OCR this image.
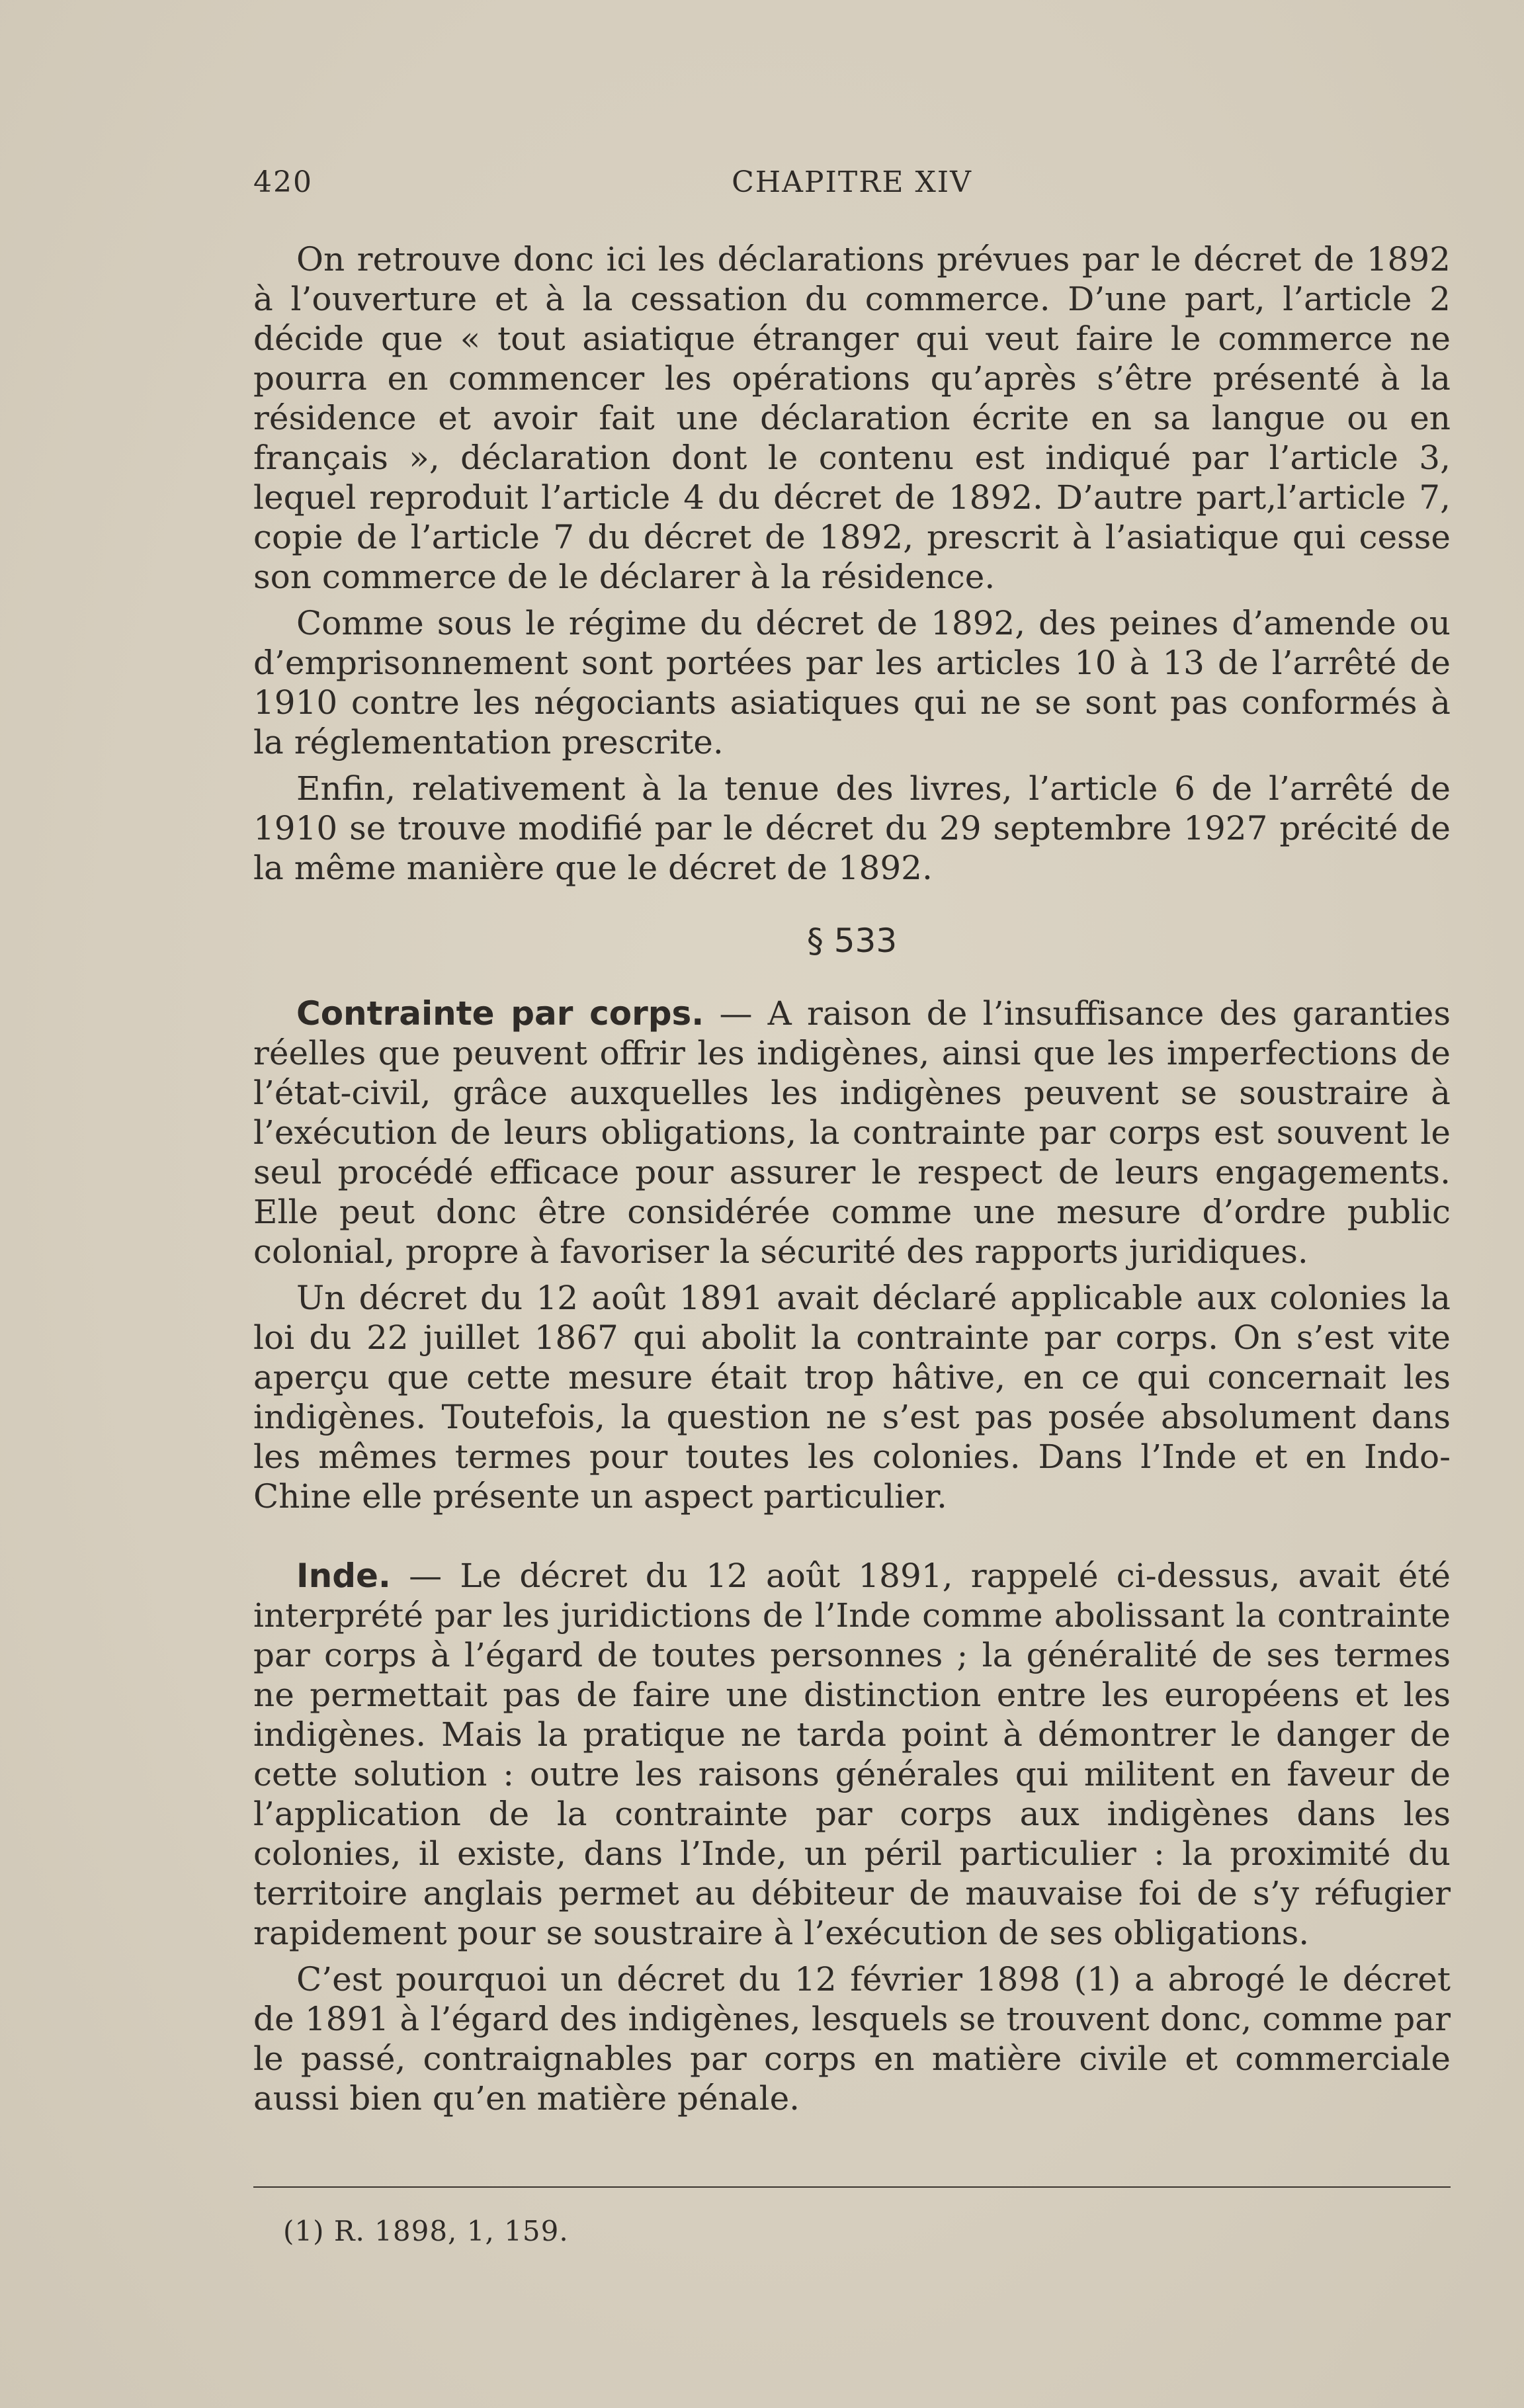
420	CHAPITRE XIV

On retrouve donc ici les déclarations prévues par le décret de 1892 à l’ouverture et à la cessation du commerce. D’une part, l’article 2 décide que « tout asiatique étranger qui veut faire le commerce ne pourra en commencer les opérations qu’après s’être présenté à la résidence et avoir fait une déclaration écrite en sa langue ou en français », déclaration dont le contenu est indiqué par l’article 3, lequel reproduit l’article 4 du décret de 1892. D’autre part,l’article 7, copie de l’article 7 du décret de 1892, prescrit à l’asiatique qui cesse son commerce de le déclarer à la résidence.

Comme sous le régime du décret de 1892, des peines d’amende ou d’emprisonnement sont portées par les articles 10 à 13 de l’arrêté de 1910 contre les négociants asiatiques qui ne se sont pas conformés à la réglementation prescrite.

Enfin, relativement à la tenue des livres, l’article 6 de l’arrêté de 1910 se trouve modifié par le décret du 29 septembre 1927 précité de la même manière que le décret de 1892.

§ 533

Contrainte par corps. — A raison de l’insuffisance des garanties réelles que peuvent offrir les indigènes, ainsi que les imperfections de l’état-civil, grâce auxquelles les indigènes peuvent se soustraire à l’exécution de leurs obligations, la contrainte par corps est souvent le seul procédé efficace pour assurer le respect de leurs engagements. Elle peut donc être considérée comme une mesure d’ordre public colonial, propre à favoriser la sécurité des rapports juridiques.

Un décret du 12 août 1891 avait déclaré applicable aux colonies la loi du 22 juillet 1867 qui abolit la contrainte par corps. On s’est vite aperçu que cette mesure était trop hâtive, en ce qui concernait les indigènes. Toutefois, la question ne s’est pas posée absolument dans les mêmes termes pour toutes les colonies. Dans l’Inde et en Indo-Chine elle présente un aspect particulier.

Inde. — Le décret du 12 août 1891, rappelé ci-dessus, avait été interprété par les juridictions de l’Inde comme abolissant la contrainte par corps à l’égard de toutes personnes ; la généralité de ses termes ne permettait pas de faire une distinction entre les européens et les indigènes. Mais la pratique ne tarda point à démontrer le danger de cette solution : outre les raisons générales qui militent en faveur de l’application de la contrainte par corps aux indigènes dans les colonies, il existe, dans l’Inde, un péril particulier : la proximité du territoire anglais permet au débiteur de mauvaise foi de s’y réfugier rapidement pour se soustraire à l’exécution de ses obligations.

C’est pourquoi un décret du 12 février 1898 (1) a abrogé le décret de 1891 à l’égard des indigènes, lesquels se trouvent donc, comme par le passé, contraignables par corps en matière civile et commerciale aussi bien qu’en matière pénale.

(1) R. 1898, 1, 159.
